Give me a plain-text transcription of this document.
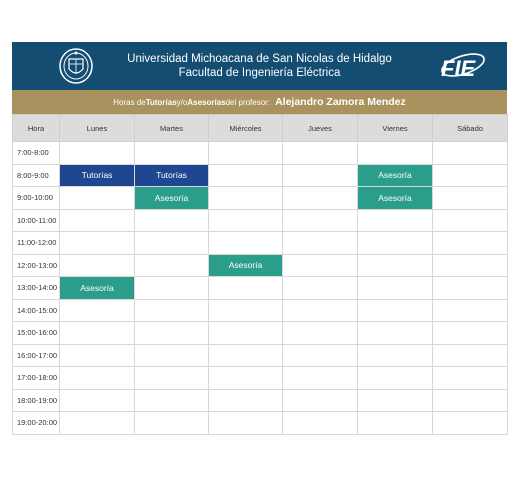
Universidad Michoacana de San Nicolas de Hidalgo
Facultad de Ingeniería Eléctrica	FIE
Horas de Tutorías y/o Asesorías del profesor: Alejandro Zamora Mendez
Hora	Lunes	Martes	Miércoles	Jueves	Viernes	Sábado
7:00-8:00						
8:00-9:00	Tutorías	Tutorías			Asesoría	
9:00-10:00		Asesoría			Asesoría	
10:00-11:00						
11:00-12:00						
12:00-13:00			Asesoría			
13:00-14:00	Asesoría					
14:00-15:00						
15:00-16:00						
16:00-17:00						
17:00-18:00						
18:00-19:00						
19:00-20:00						
